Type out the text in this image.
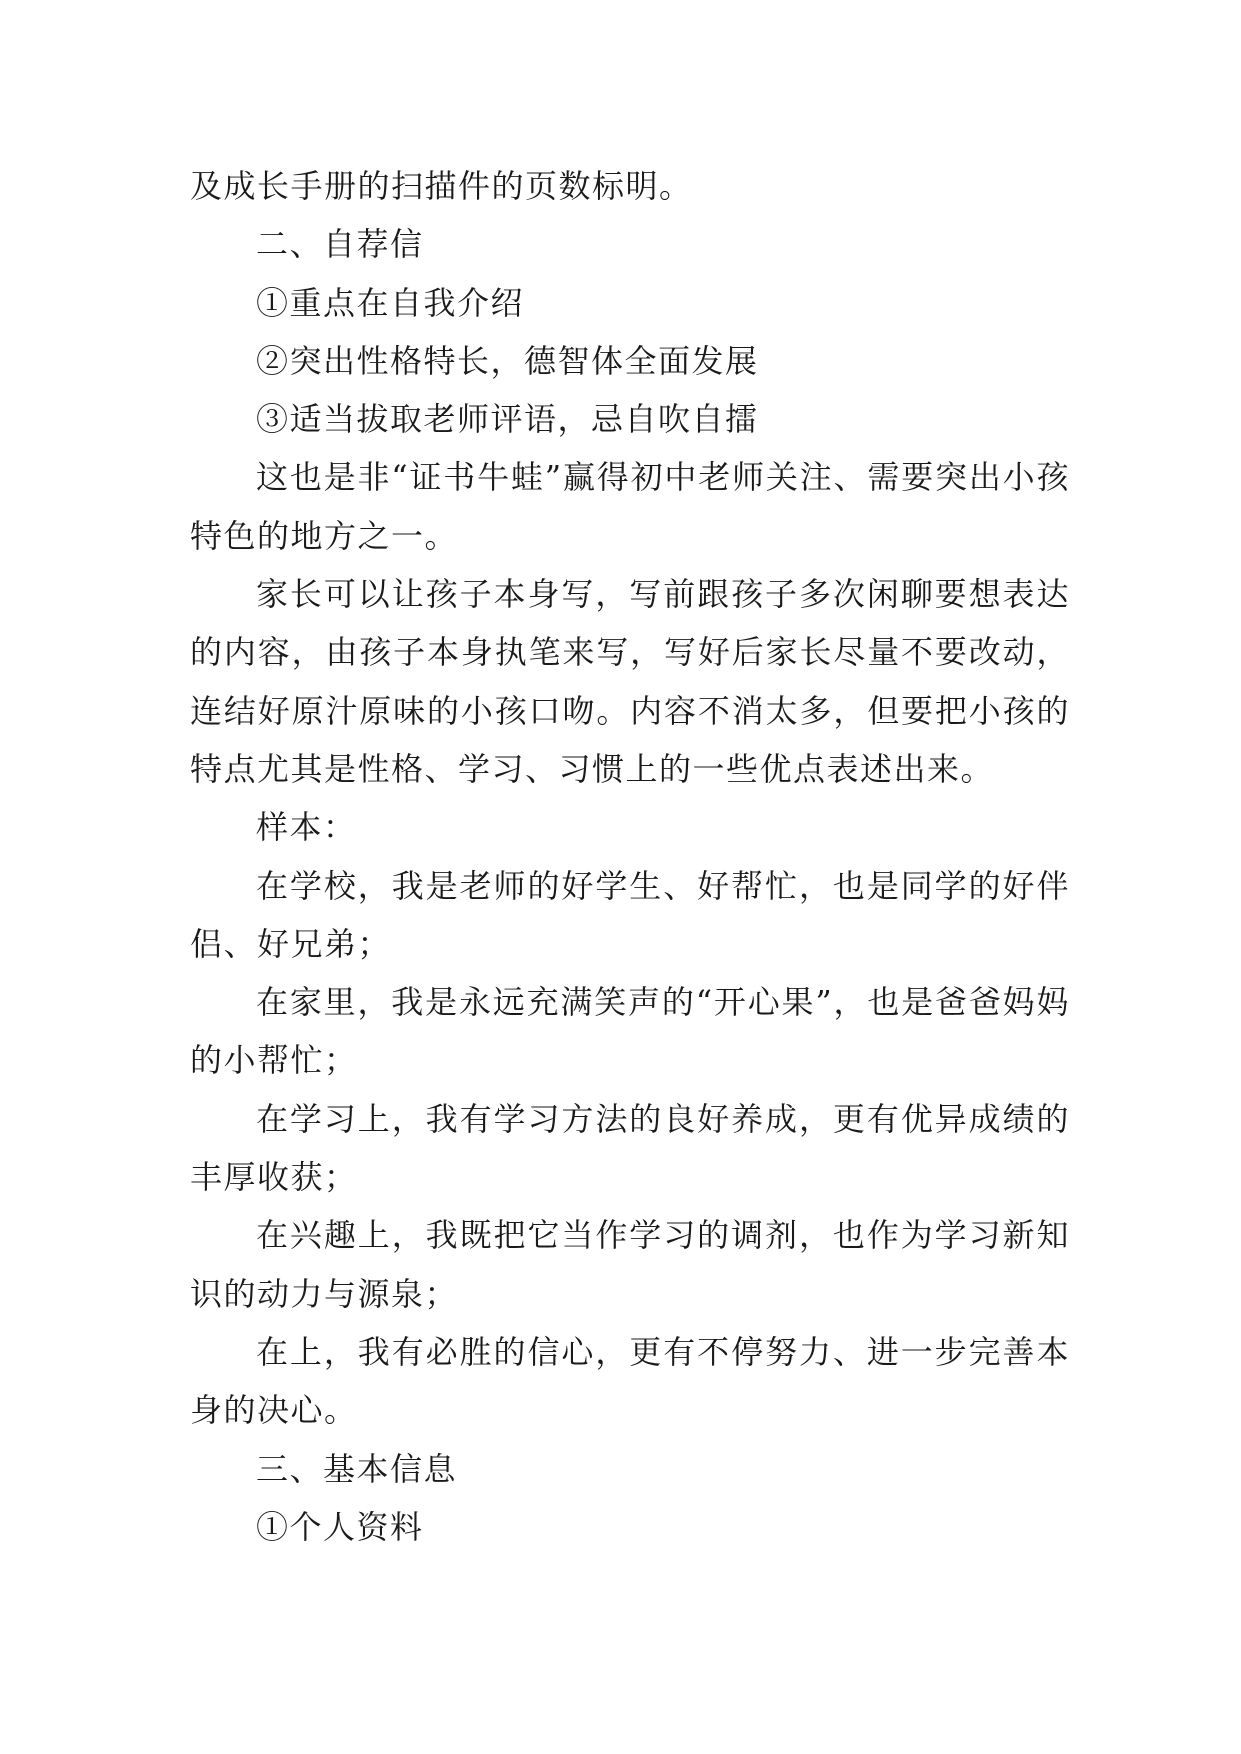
及成长手册的扫描件的页数标明。

二、自荐信

①重点在自我介绍

②突出性格特长，德智体全面发展

③适当拔取老师评语，忌自吹自擂

这也是非“证书牛蛙”赢得初中老师关注、需要突出小孩特色的地方之一。

家长可以让孩子本身写，写前跟孩子多次闲聊要想表达的内容，由孩子本身执笔来写，写好后家长尽量不要改动，连结好原汁原味的小孩口吻。内容不消太多，但要把小孩的特点尤其是性格、学习、习惯上的一些优点表述出来。

样本：

在学校，我是老师的好学生、好帮忙，也是同学的好伴侣、好兄弟；

在家里，我是永远充满笑声的“开心果”，也是爸爸妈妈的小帮忙；

在学习上，我有学习方法的良好养成，更有优异成绩的丰厚收获；

在兴趣上，我既把它当作学习的调剂，也作为学习新知识的动力与源泉；

在上，我有必胜的信心，更有不停努力、进一步完善本身的决心。

三、基本信息

①个人资料
